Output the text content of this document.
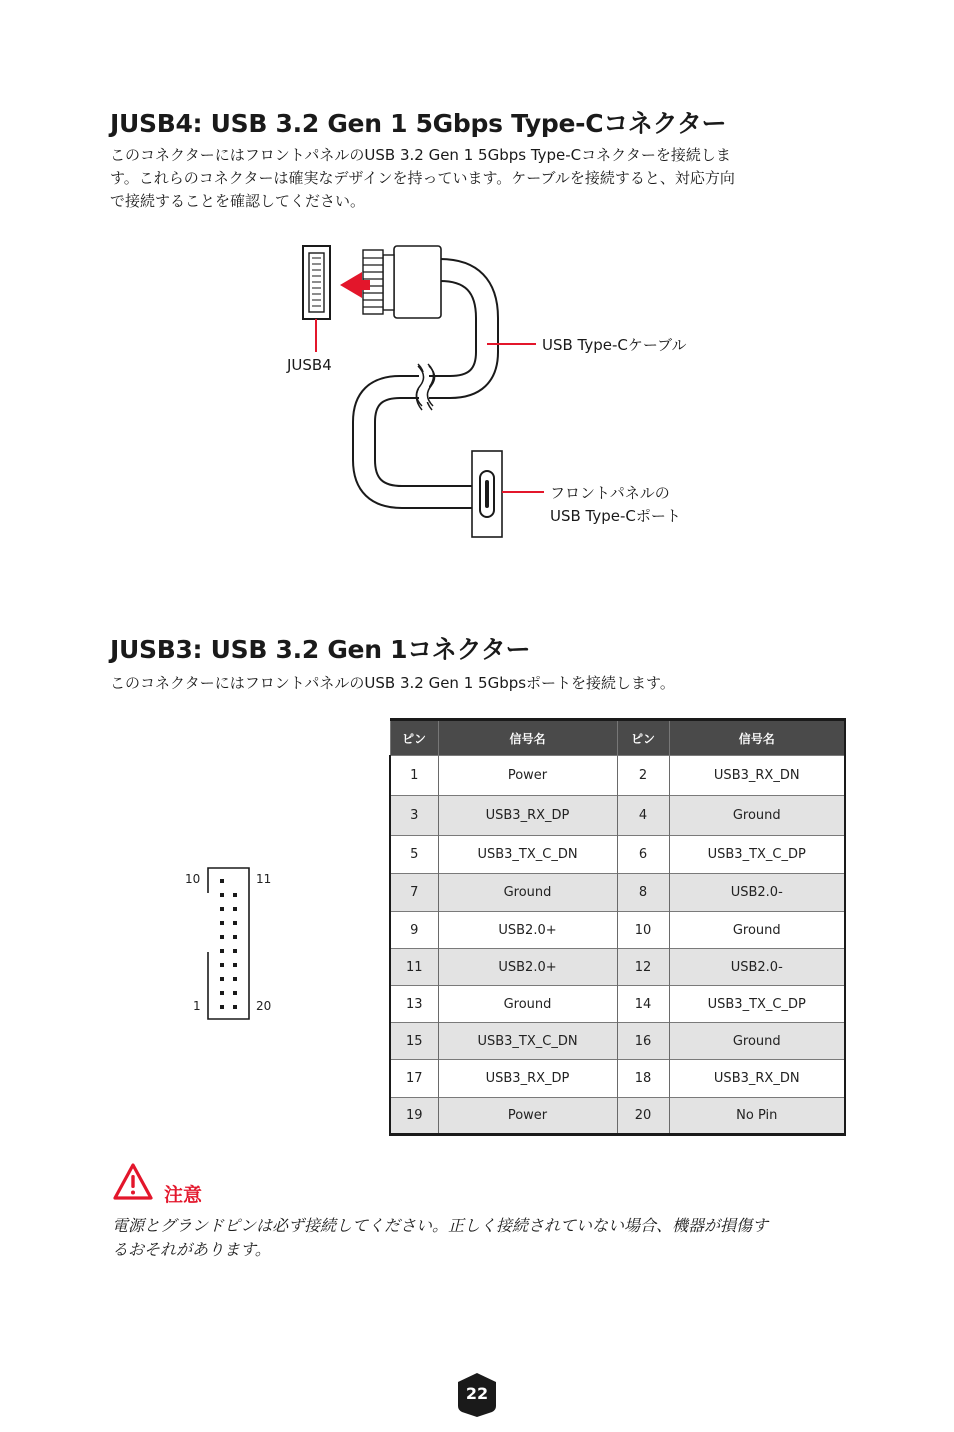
JUSB4: USB 3.2 Gen 1 5Gbps Type-Cコネクター

このコネクターにはフロントパネルのUSB 3.2 Gen 1 5Gbps Type-Cコネクターを接続しま

す。これらのコネクターは確実なデザインを持っています。ケーブルを接続すると、対応方向

で接続することを確認してください。

JUSB4
USB Type-Cケーブル
フロントパネルの
USB Type-Cポート
JUSB3: USB 3.2 Gen 1コネクター

このコネクターにはフロントパネルのUSB 3.2 Gen 1 5Gbpsポートを接続します。

10	11
1	20
ピン	信号名	ピン	信号名
1	Power	2	USB3_RX_DN
3	USB3_RX_DP	4	Ground
5	USB3_TX_C_DN	6	USB3_TX_C_DP
7	Ground	8	USB2.0-
9	USB2.0+	10	Ground
11	USB2.0+	12	USB2.0-
13	Ground	14	USB3_TX_C_DP
15	USB3_TX_C_DN	16	Ground
17	USB3_RX_DP	18	USB3_RX_DN
19	Power	20	No Pin
注意

電源とグランドピンは必ず接続してください。正しく接続されていない場合、機器が損傷す

るおそれがあります。

22
